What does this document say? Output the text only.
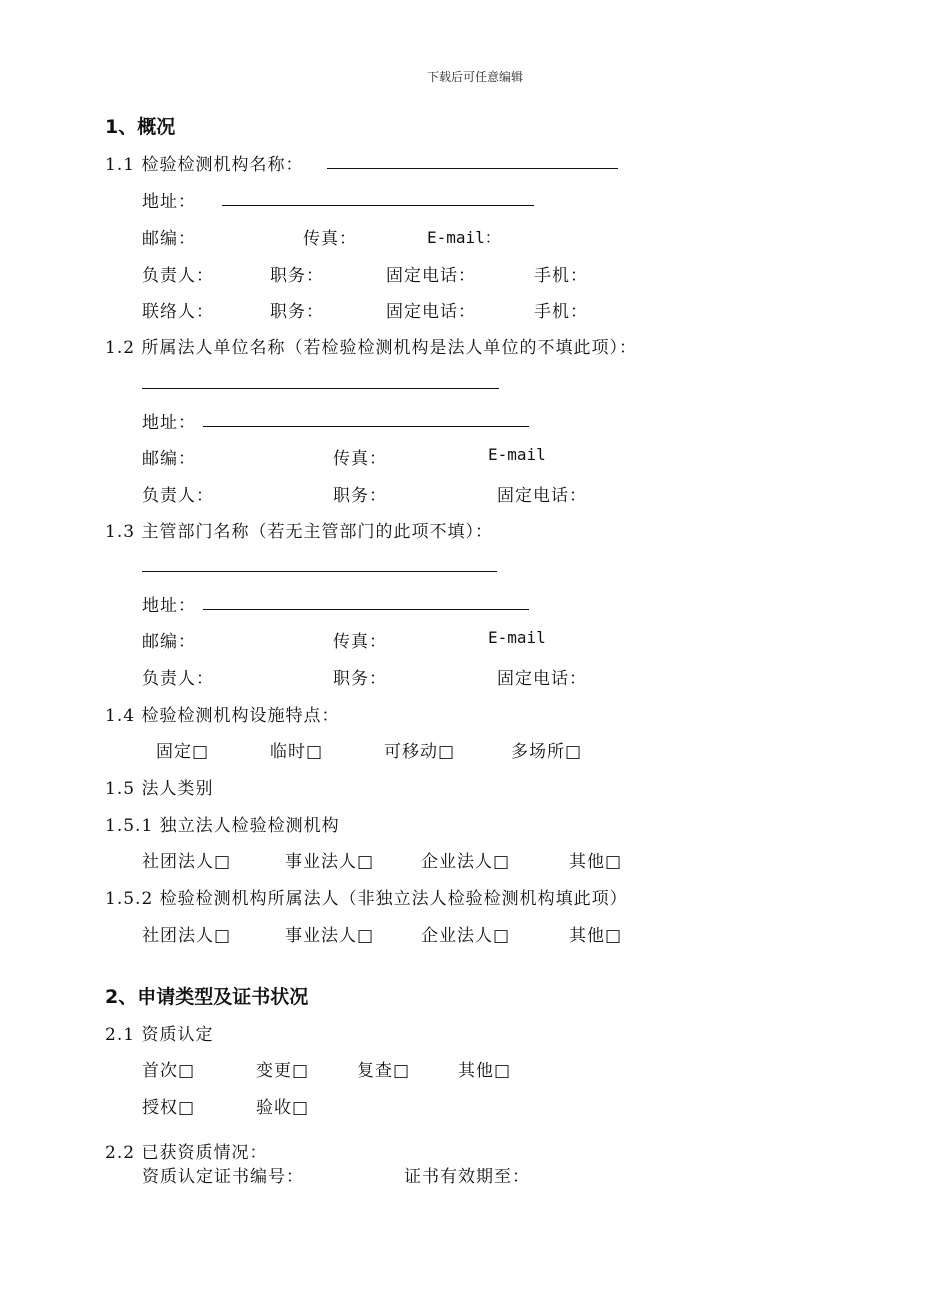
下载后可任意编辑
1、概况
1.1 检验检测机构名称：
地址：
邮编：	传真：	E-mail：
负责人：	职务：	固定电话：	手机：
联络人：	职务：	固定电话：	手机：
1.2 所属法人单位名称（若检验检测机构是法人单位的不填此项）：
地址：
邮编：	传真：	E-mail
负责人：	职务：	固定电话：
1.3 主管部门名称（若无主管部门的此项不填）：
地址：
邮编：	传真：	E-mail
负责人：	职务：	固定电话：
1.4 检验检测机构设施特点：
固定□	临时□	可移动□	多场所□
1.5 法人类别
1.5.1 独立法人检验检测机构
社团法人□	事业法人□	企业法人□	其他□
1.5.2 检验检测机构所属法人（非独立法人检验检测机构填此项）
社团法人□	事业法人□	企业法人□	其他□
2、申请类型及证书状况
2.1 资质认定
首次□	变更□	复查□	其他□
授权□	验收□
2.2 已获资质情况：
资质认定证书编号：	证书有效期至：
